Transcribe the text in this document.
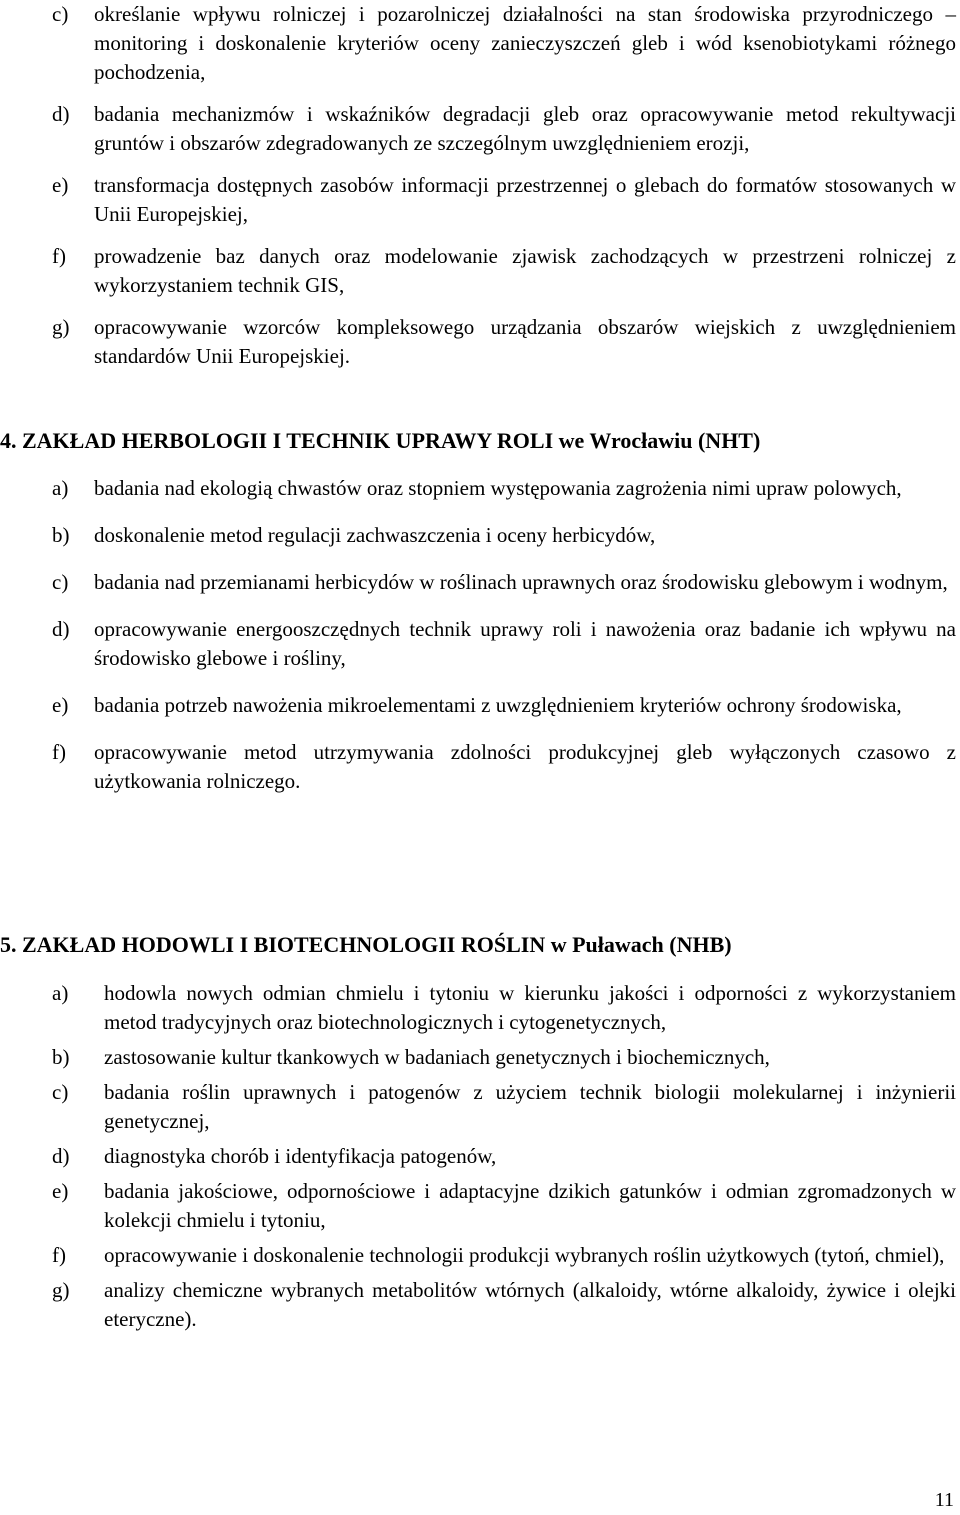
c)	określanie wpływu rolniczej i pozarolniczej działalności na stan środowiska przyrodniczego – monitoring i doskonalenie kryteriów oceny zanieczyszczeń gleb i wód ksenobiotykami różnego pochodzenia,
d)	badania mechanizmów i wskaźników degradacji gleb oraz opracowywanie metod rekultywacji gruntów i obszarów zdegradowanych ze szczególnym uwzględnieniem erozji,
e)	transformacja dostępnych zasobów informacji przestrzennej o glebach do formatów stosowanych w Unii Europejskiej,
f)	prowadzenie baz danych oraz modelowanie zjawisk zachodzących w przestrzeni rolniczej z wykorzystaniem technik GIS,
g)	opracowywanie wzorców kompleksowego urządzania obszarów wiejskich z uwzględnieniem standardów Unii Europejskiej.
4. ZAKŁAD HERBOLOGII I TECHNIK UPRAWY ROLI we Wrocławiu (NHT)
a)	badania nad ekologią chwastów oraz stopniem występowania zagrożenia nimi upraw polowych,
b)	doskonalenie metod regulacji zachwaszczenia i oceny herbicydów,
c)	badania nad przemianami herbicydów w roślinach uprawnych oraz środowisku glebowym i wodnym,
d)	opracowywanie energooszczędnych technik uprawy roli i nawożenia oraz badanie ich wpływu na środowisko glebowe i rośliny,
e)	badania potrzeb nawożenia mikroelementami z uwzględnieniem kryteriów ochrony środowiska,
f)	opracowywanie metod utrzymywania zdolności produkcyjnej gleb wyłączonych czasowo z użytkowania rolniczego.
5. ZAKŁAD HODOWLI I BIOTECHNOLOGII ROŚLIN w Puławach (NHB)
a)	hodowla nowych odmian chmielu i tytoniu w kierunku jakości i odporności z wykorzystaniem metod tradycyjnych oraz biotechnologicznych i cytogenetycznych,
b)	zastosowanie kultur tkankowych w badaniach genetycznych i biochemicznych,
c)	badania roślin uprawnych i patogenów z użyciem technik biologii molekularnej i inżynierii genetycznej,
d)	diagnostyka chorób i identyfikacja patogenów,
e)	badania jakościowe, odpornościowe i adaptacyjne dzikich gatunków i odmian zgromadzonych w kolekcji chmielu i tytoniu,
f)	opracowywanie i doskonalenie technologii produkcji wybranych roślin użytkowych (tytoń, chmiel),
g)	analizy chemiczne wybranych metabolitów wtórnych (alkaloidy, wtórne alkaloidy, żywice i olejki eteryczne).
11
